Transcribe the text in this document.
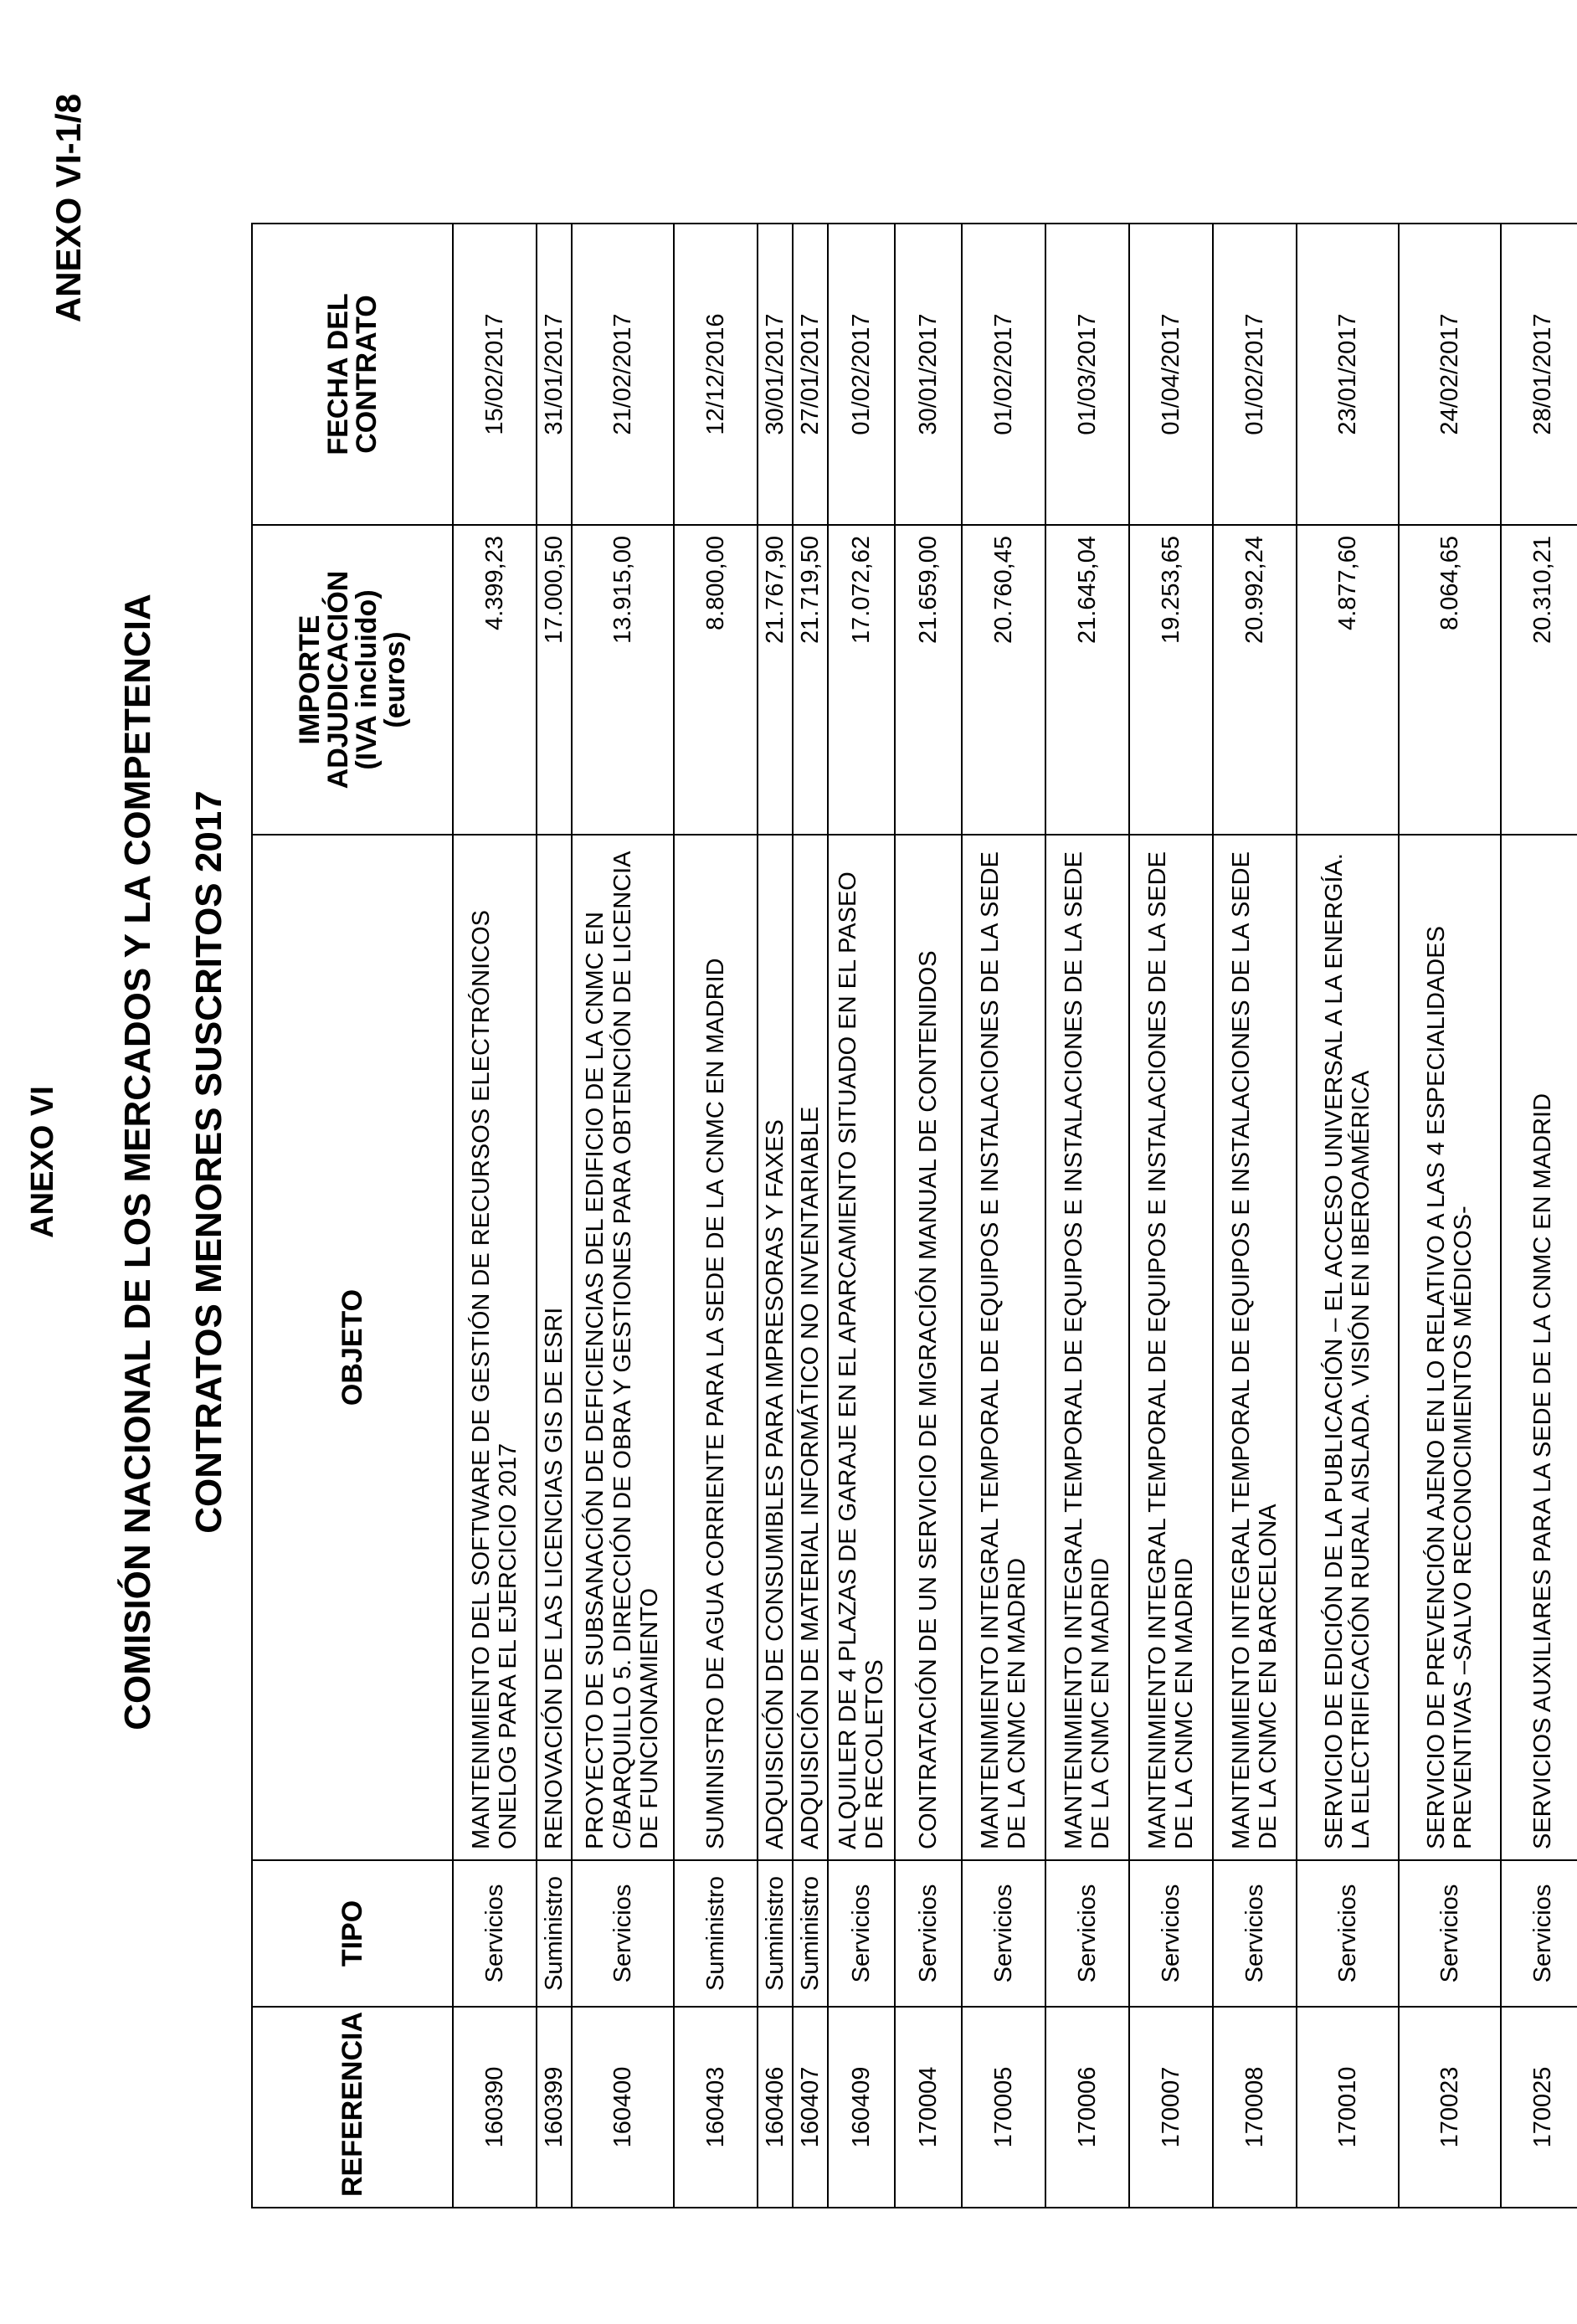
ANEXO VI-1/8
ANEXO VI COMISIÓN NACIONAL DE LOS MERCADOS Y LA COMPETENCIA CONTRATOS MENORES SUSCRITOS 2017
REFERENCIA	TIPO	OBJETO	IMPORTE ADJUDICACIÓN (IVA incluido) (euros)	FECHA DEL CONTRATO
160390	Servicios	MANTENIMIENTO DEL SOFTWARE DE GESTIÓN DE RECURSOS ELECTRÓNICOS ONELOG PARA EL EJERCICIO 2017	4.399,23	15/02/2017
160399	Suministro	RENOVACIÓN DE LAS LICENCIAS GIS DE ESRI	17.000,50	31/01/2017
160400	Servicios	PROYECTO DE SUBSANACIÓN DE DEFICIENCIAS DEL EDIFICIO DE LA CNMC EN C/BARQUILLO 5. DIRECCIÓN DE OBRA Y GESTIONES PARA OBTENCIÓN DE LICENCIA DE FUNCIONAMIENTO	13.915,00	21/02/2017
160403	Suministro	SUMINISTRO DE AGUA CORRIENTE PARA LA SEDE DE LA CNMC EN MADRID	8.800,00	12/12/2016
160406	Suministro	ADQUISICIÓN DE CONSUMIBLES PARA IMPRESORAS Y FAXES	21.767,90	30/01/2017
160407	Suministro	ADQUISICIÓN DE MATERIAL INFORMÁTICO NO INVENTARIABLE	21.719,50	27/01/2017
160409	Servicios	ALQUILER DE 4 PLAZAS DE GARAJE EN EL APARCAMIENTO SITUADO EN EL PASEO DE RECOLETOS	17.072,62	01/02/2017
170004	Servicios	CONTRATACIÓN DE UN SERVICIO DE MIGRACIÓN MANUAL DE CONTENIDOS	21.659,00	30/01/2017
170005	Servicios	MANTENIMIENTO INTEGRAL TEMPORAL DE EQUIPOS E INSTALACIONES DE LA SEDE DE LA CNMC EN MADRID	20.760,45	01/02/2017
170006	Servicios	MANTENIMIENTO INTEGRAL TEMPORAL DE EQUIPOS E INSTALACIONES DE LA SEDE DE LA CNMC EN MADRID	21.645,04	01/03/2017
170007	Servicios	MANTENIMIENTO INTEGRAL TEMPORAL DE EQUIPOS E INSTALACIONES DE LA SEDE DE LA CNMC EN MADRID	19.253,65	01/04/2017
170008	Servicios	MANTENIMIENTO INTEGRAL TEMPORAL DE EQUIPOS E INSTALACIONES DE LA SEDE DE LA CNMC EN BARCELONA	20.992,24	01/02/2017
170010	Servicios	SERVICIO DE EDICIÓN DE LA PUBLICACIÓN – EL ACCESO UNIVERSAL A LA ENERGÍA. LA ELECTRIFICACIÓN RURAL AISLADA. VISIÓN EN IBEROAMÉRICA	4.877,60	23/01/2017
170023	Servicios	SERVICIO DE PREVENCIÓN AJENO EN LO RELATIVO A LAS 4 ESPECIALIDADES PREVENTIVAS –SALVO RECONOCIMIENTOS MÉDICOS-	8.064,65	24/02/2017
170025	Servicios	SERVICIOS AUXILIARES PARA LA SEDE DE LA CNMC EN MADRID	20.310,21	28/01/2017
